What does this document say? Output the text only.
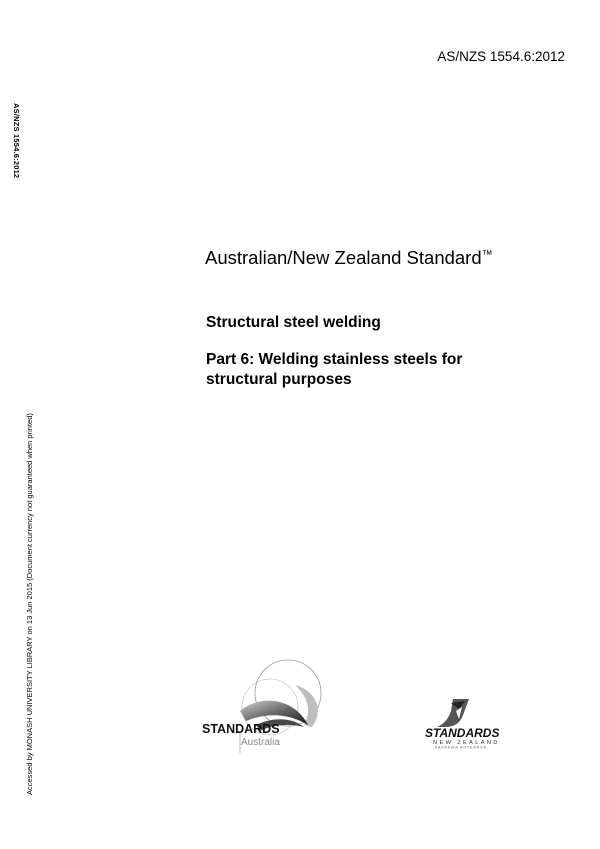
AS/NZS 1554.6:2012
AS/NZS 1554.6:2012
Accessed by MONASH UNIVERSITY LIBRARY on 13 Jun 2015 (Document currency not guaranteed when printed)
Australian/New Zealand Standard™
Structural steel welding
Part 6: Welding stainless steels for
structural purposes
STANDARDS
Australia
STANDARDS
NEW ZEALAND
PAEREWA AOTEAROA
